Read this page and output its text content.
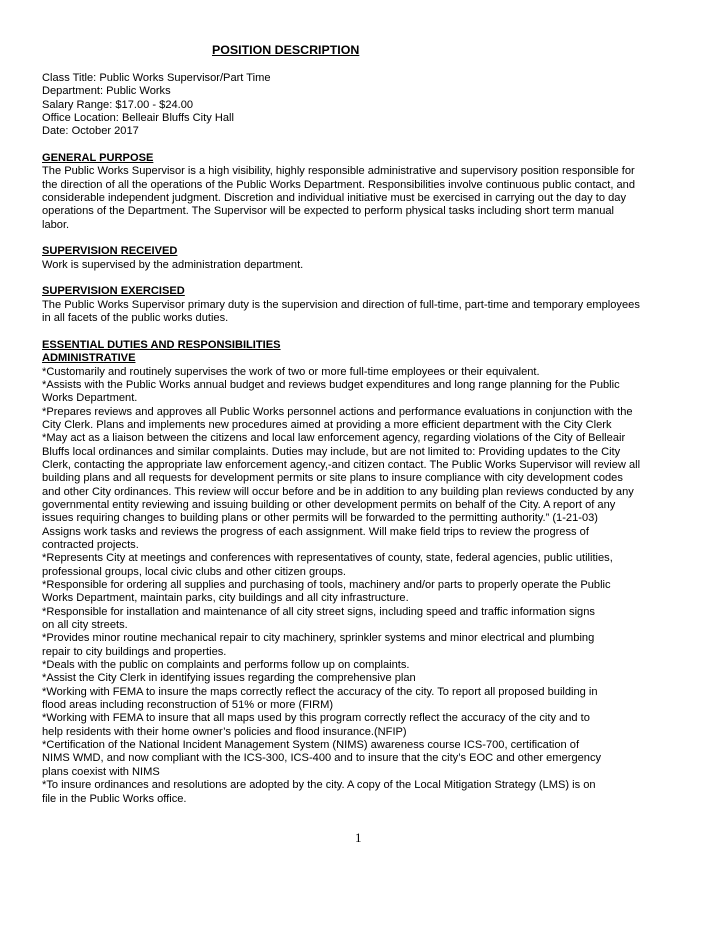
POSITION DESCRIPTION
Class Title: Public Works Supervisor/Part Time
Department: Public Works
Salary Range: $17.00 - $24.00
Office Location: Belleair Bluffs City Hall
Date: October 2017
GENERAL PURPOSE
The Public Works Supervisor is a high visibility, highly responsible administrative and supervisory position responsible for
the direction of all the operations of the Public Works Department. Responsibilities involve continuous public contact, and
considerable independent judgment. Discretion and individual initiative must be exercised in carrying out the day to day
operations of the Department. The Supervisor will be expected to perform physical tasks including short term manual
labor.
SUPERVISION RECEIVED
Work is supervised by the administration department.
SUPERVISION EXERCISED
The Public Works Supervisor primary duty is the supervision and direction of full-time, part-time and temporary employees
in all facets of the public works duties.
ESSENTIAL DUTIES AND RESPONSIBILITIES
ADMINISTRATIVE
*Customarily and routinely supervises the work of two or more full-time employees or their equivalent.
*Assists with the Public Works annual budget and reviews budget expenditures and long range planning for the Public
Works Department.
*Prepares reviews and approves all Public Works personnel actions and performance evaluations in conjunction with the
City Clerk. Plans and implements new procedures aimed at providing a more efficient department with the City Clerk
*May act as a liaison between the citizens and local law enforcement agency, regarding violations of the City of Belleair
Bluffs local ordinances and similar complaints. Duties may include, but are not limited to: Providing updates to the City
Clerk, contacting the appropriate law enforcement agency,-and citizen contact. The Public Works Supervisor will review all
building plans and all requests for development permits or site plans to insure compliance with city development codes
and other City ordinances. This review will occur before and be in addition to any building plan reviews conducted by any
governmental entity reviewing and issuing building or other development permits on behalf of the City. A report of any
issues requiring changes to building plans or other permits will be forwarded to the permitting authority.” (1-21-03)
Assigns work tasks and reviews the progress of each assignment. Will make field trips to review the progress of
contracted projects.
*Represents City at meetings and conferences with representatives of county, state, federal agencies, public utilities,
professional groups, local civic clubs and other citizen groups.
*Responsible for ordering all supplies and purchasing of tools, machinery and/or parts to properly operate the Public
Works Department, maintain parks, city buildings and all city infrastructure.
*Responsible for installation and maintenance of all city street signs, including speed and traffic information signs
on all city streets.
*Provides minor routine mechanical repair to city machinery, sprinkler systems and minor electrical and plumbing
repair to city buildings and properties.
*Deals with the public on complaints and performs follow up on complaints.
*Assist the City Clerk in identifying issues regarding the comprehensive plan
*Working with FEMA to insure the maps correctly reflect the accuracy of the city. To report all proposed building in
flood areas including reconstruction of 51% or more (FIRM)
*Working with FEMA to insure that all maps used by this program correctly reflect the accuracy of the city and to
help residents with their home owner’s policies and flood insurance.(NFIP)
*Certification of the National Incident Management System (NIMS) awareness course ICS-700, certification of
NIMS WMD, and now compliant with the ICS-300, ICS-400 and to insure that the city’s EOC and other emergency
plans coexist with NIMS
*To insure ordinances and resolutions are adopted by the city. A copy of the Local Mitigation Strategy (LMS) is on
file in the Public Works office.
1
